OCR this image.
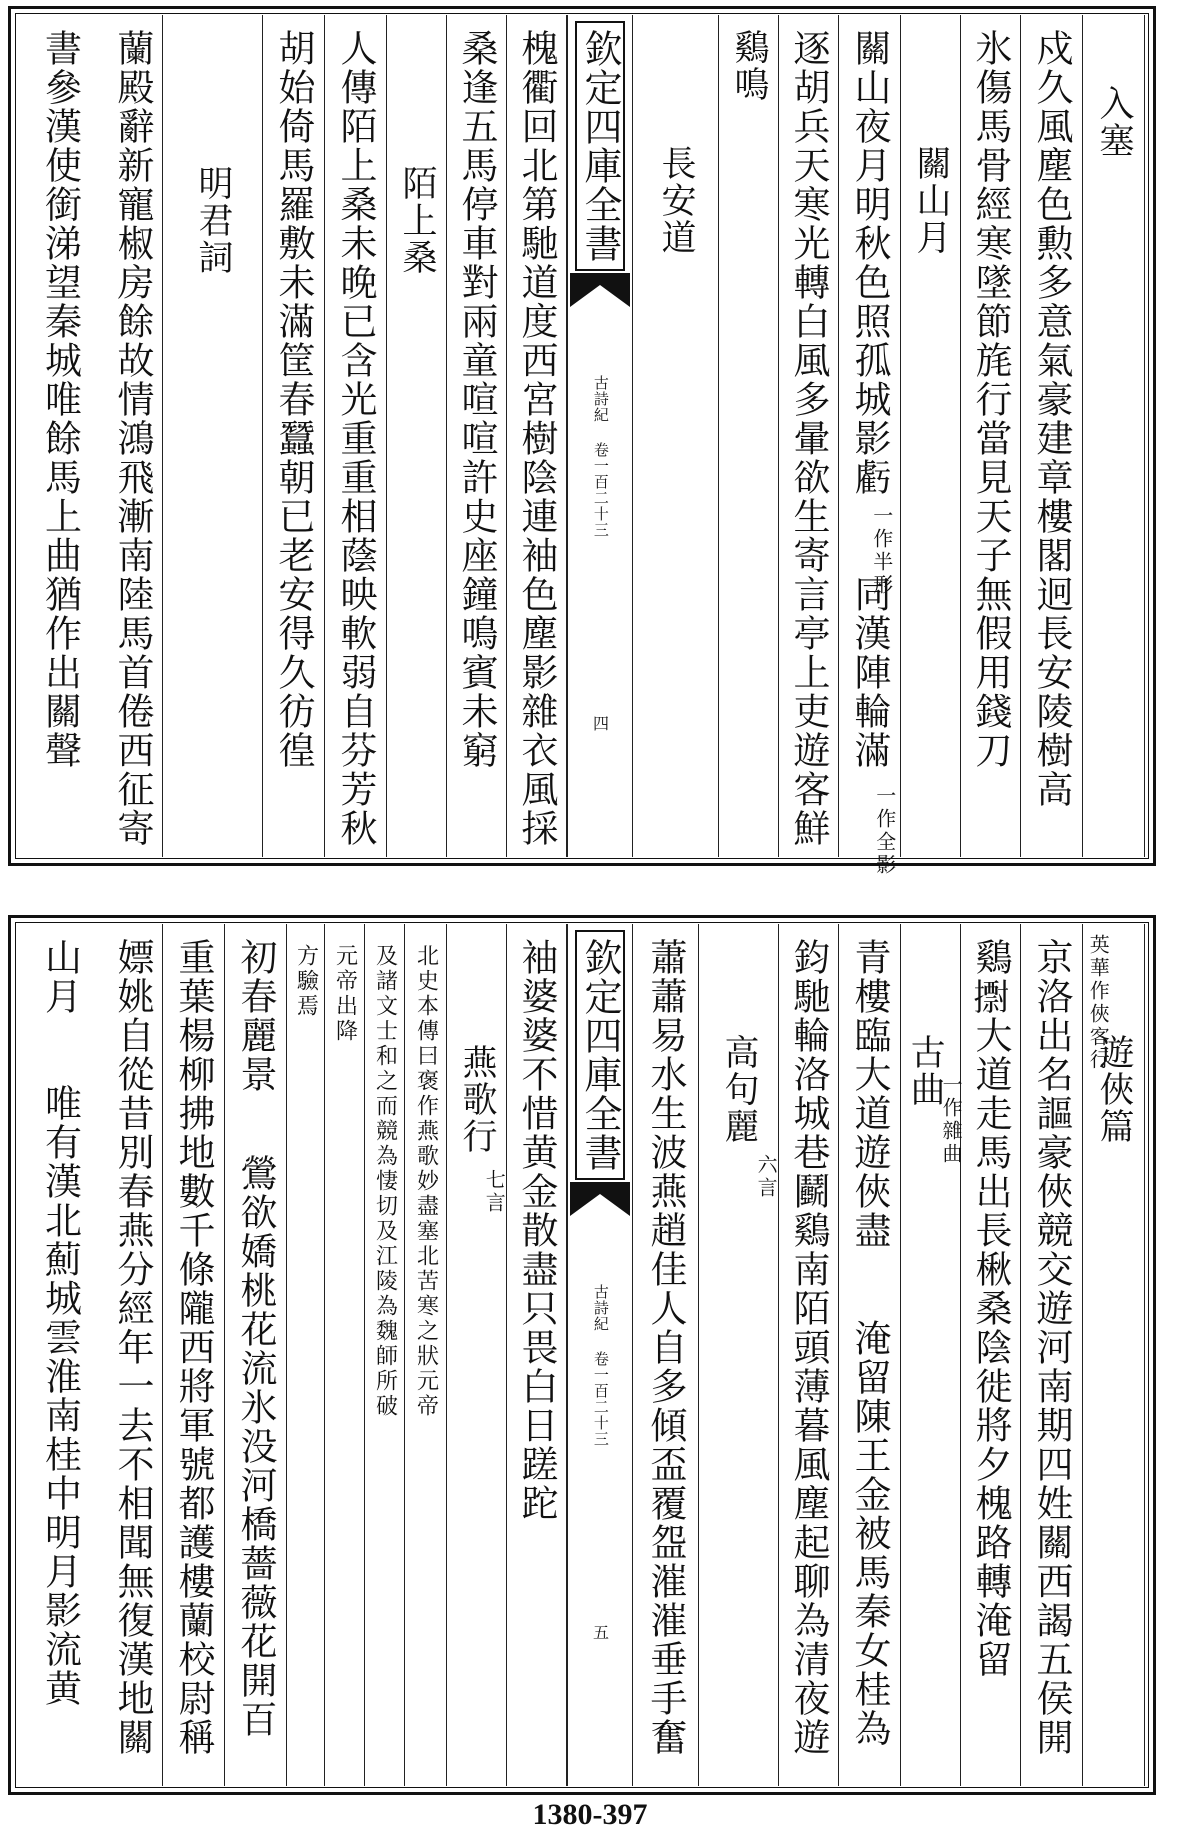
入塞
戍久風塵色勲多意氣豪建章樓閣迥長安陵樹高
氷傷馬骨經寒墜節旄行當見天子無假用錢刀
關山月
關山夜月明秋色照孤城影虧
一作半形
同漢陣輪滿
一作全影
逐胡兵天寒光轉白風多暈欲生寄言亭上吏遊客鮮
鷄鳴
長安道
欽定四庫全書
古詩紀 卷一百二十三
四
槐衢回北第馳道度西宮樹陰連袖色塵影雜衣風採
桑逢五馬停車對兩童喧喧許史座鐘鳴賓未窮
陌上桑
人傳陌上桑未晚已含光重重相蔭映軟弱自芬芳秋
胡始倚馬羅敷未滿筐春蠶朝已老安得久彷徨
明君詞
蘭殿辭新寵椒房餘故情鴻飛漸南陸馬首倦西征寄
書參漢使銜涕望秦城唯餘馬上曲猶作出關聲
遊俠篇
英華作俠客行
京洛出名謳豪俠競交遊河南期四姓關西謁五侯開
鷄𢷋大道走馬出長楸桑陰徙將夕槐路轉淹留
古曲
一作雜曲
青樓臨大道遊俠盡
淹留陳王金被馬秦女桂為
鈞馳輪洛城巷鬬鷄南陌頭薄暮風塵起聊為清夜遊
高句麗
六言
蕭蕭易水生波燕趙佳人自多傾盃覆盌漼漼垂手奮
欽定四庫全書
古詩紀 卷一百二十三
五
袖婆婆不惜黄金散盡只畏白日蹉跎
燕歌行
七言
北史本傳曰褒作燕歌妙盡塞北苦寒之狀元帝
及諸文士和之而競為悽切及江陵為魏師所破
元帝出降
方驗焉
初春麗景
鶯欲嬌桃花流氷没河橋薔薇花開百
重葉楊柳拂地數千條隴西將軍號都護樓蘭校尉稱
嫖姚自從昔別春燕分經年一去不相聞無復漢地關
山月
唯有漢北薊城雲淮南桂中明月影流黄
1380-397
